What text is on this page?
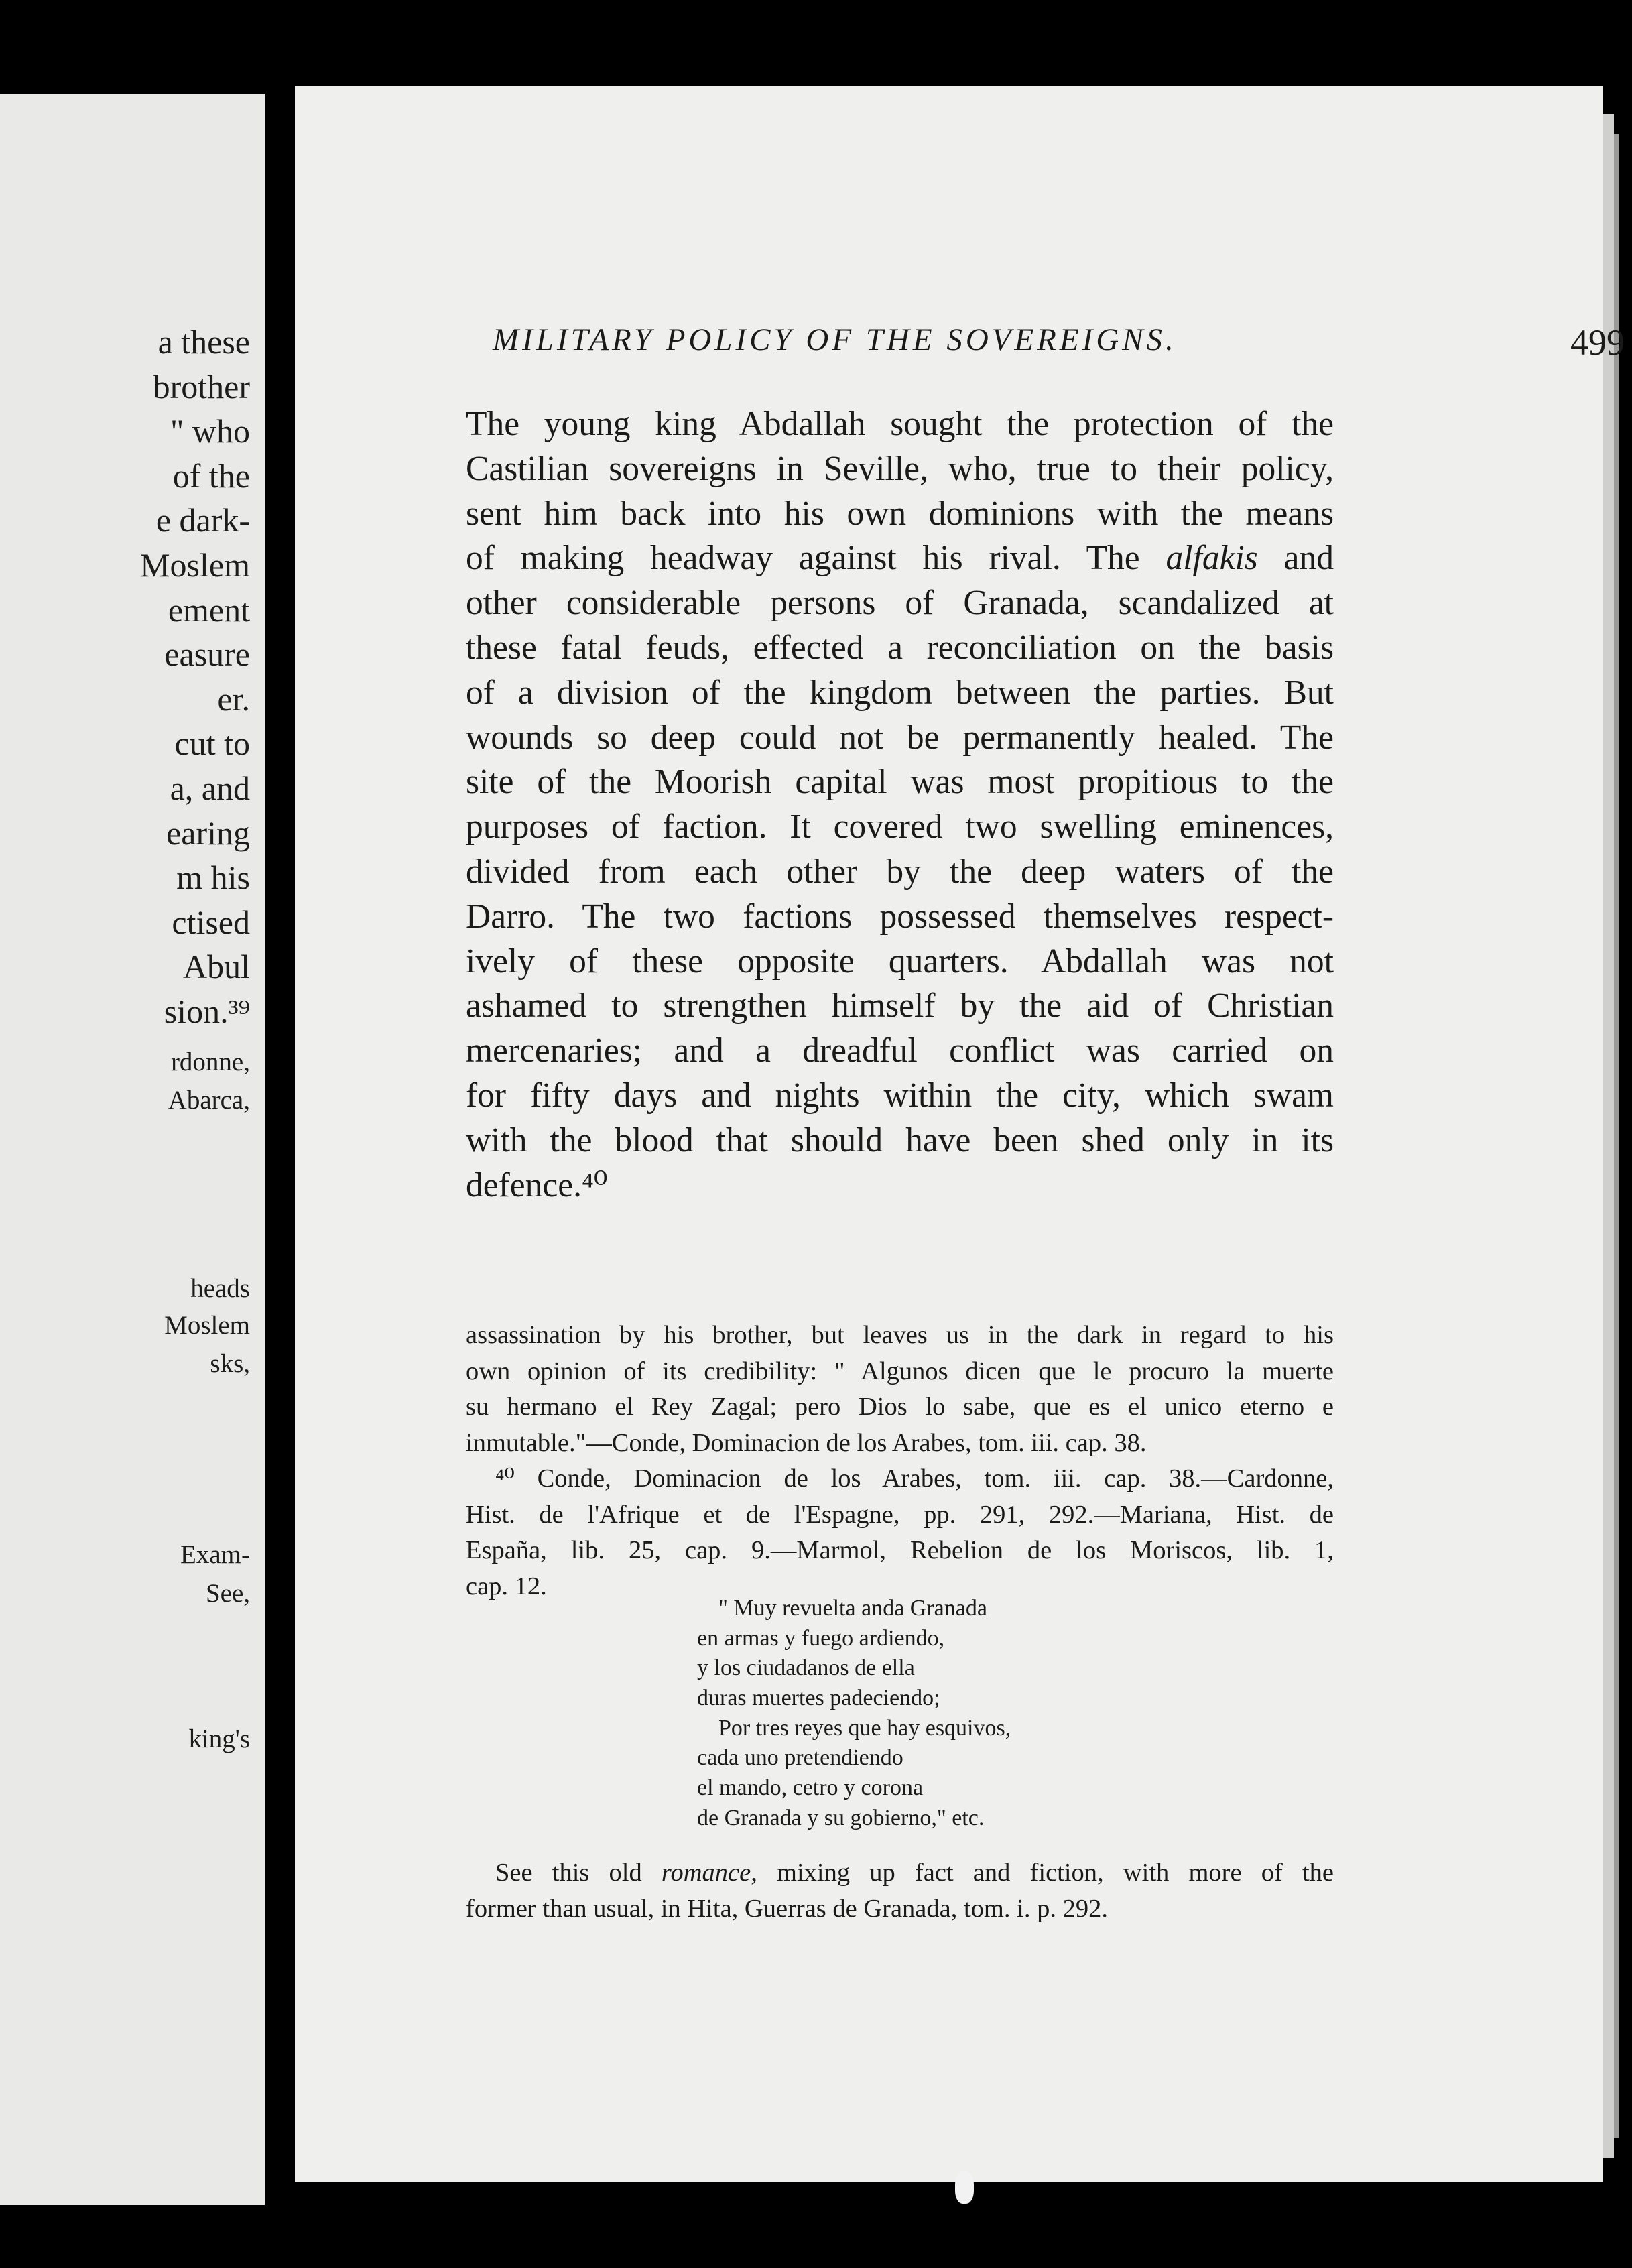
a these
brother
" who
of the
e dark-
Moslem
ement
easure
er.
cut to
a, and
earing
m his
ctised
Abul
sion.³⁹
rdonne,
Abarca,
heads
Moslem
sks,
Exam-
See,
king's
MILITARY POLICY OF THE SOVEREIGNS.	499
The young king Abdallah sought the protection of the
Castilian sovereigns in Seville, who, true to their policy,
sent him back into his own dominions with the means
of making headway against his rival. The alfakis and
other considerable persons of Granada, scandalized at
these fatal feuds, effected a reconciliation on the basis
of a division of the kingdom between the parties. But
wounds so deep could not be permanently healed. The
site of the Moorish capital was most propitious to the
purposes of faction. It covered two swelling eminences,
divided from each other by the deep waters of the
Darro. The two factions possessed themselves respect-
ively of these opposite quarters. Abdallah was not
ashamed to strengthen himself by the aid of Christian
mercenaries; and a dreadful conflict was carried on
for fifty days and nights within the city, which swam
with the blood that should have been shed only in its
defence.⁴⁰
assassination by his brother, but leaves us in the dark in regard to his
own opinion of its credibility: " Algunos dicen que le procuro la muerte
su hermano el Rey Zagal; pero Dios lo sabe, que es el unico eterno e
inmutable."—Conde, Dominacion de los Arabes, tom. iii. cap. 38.
⁴⁰ Conde, Dominacion de los Arabes, tom. iii. cap. 38.—Cardonne,
Hist. de l'Afrique et de l'Espagne, pp. 291, 292.—Mariana, Hist. de
España, lib. 25, cap. 9.—Marmol, Rebelion de los Moriscos, lib. 1,
cap. 12.
" Muy revuelta anda Granada
en armas y fuego ardiendo,
y los ciudadanos de ella
duras muertes padeciendo;
Por tres reyes que hay esquivos,
cada uno pretendiendo
el mando, cetro y corona
de Granada y su gobierno," etc.
See this old romance, mixing up fact and fiction, with more of the
former than usual, in Hita, Guerras de Granada, tom. i. p. 292.
